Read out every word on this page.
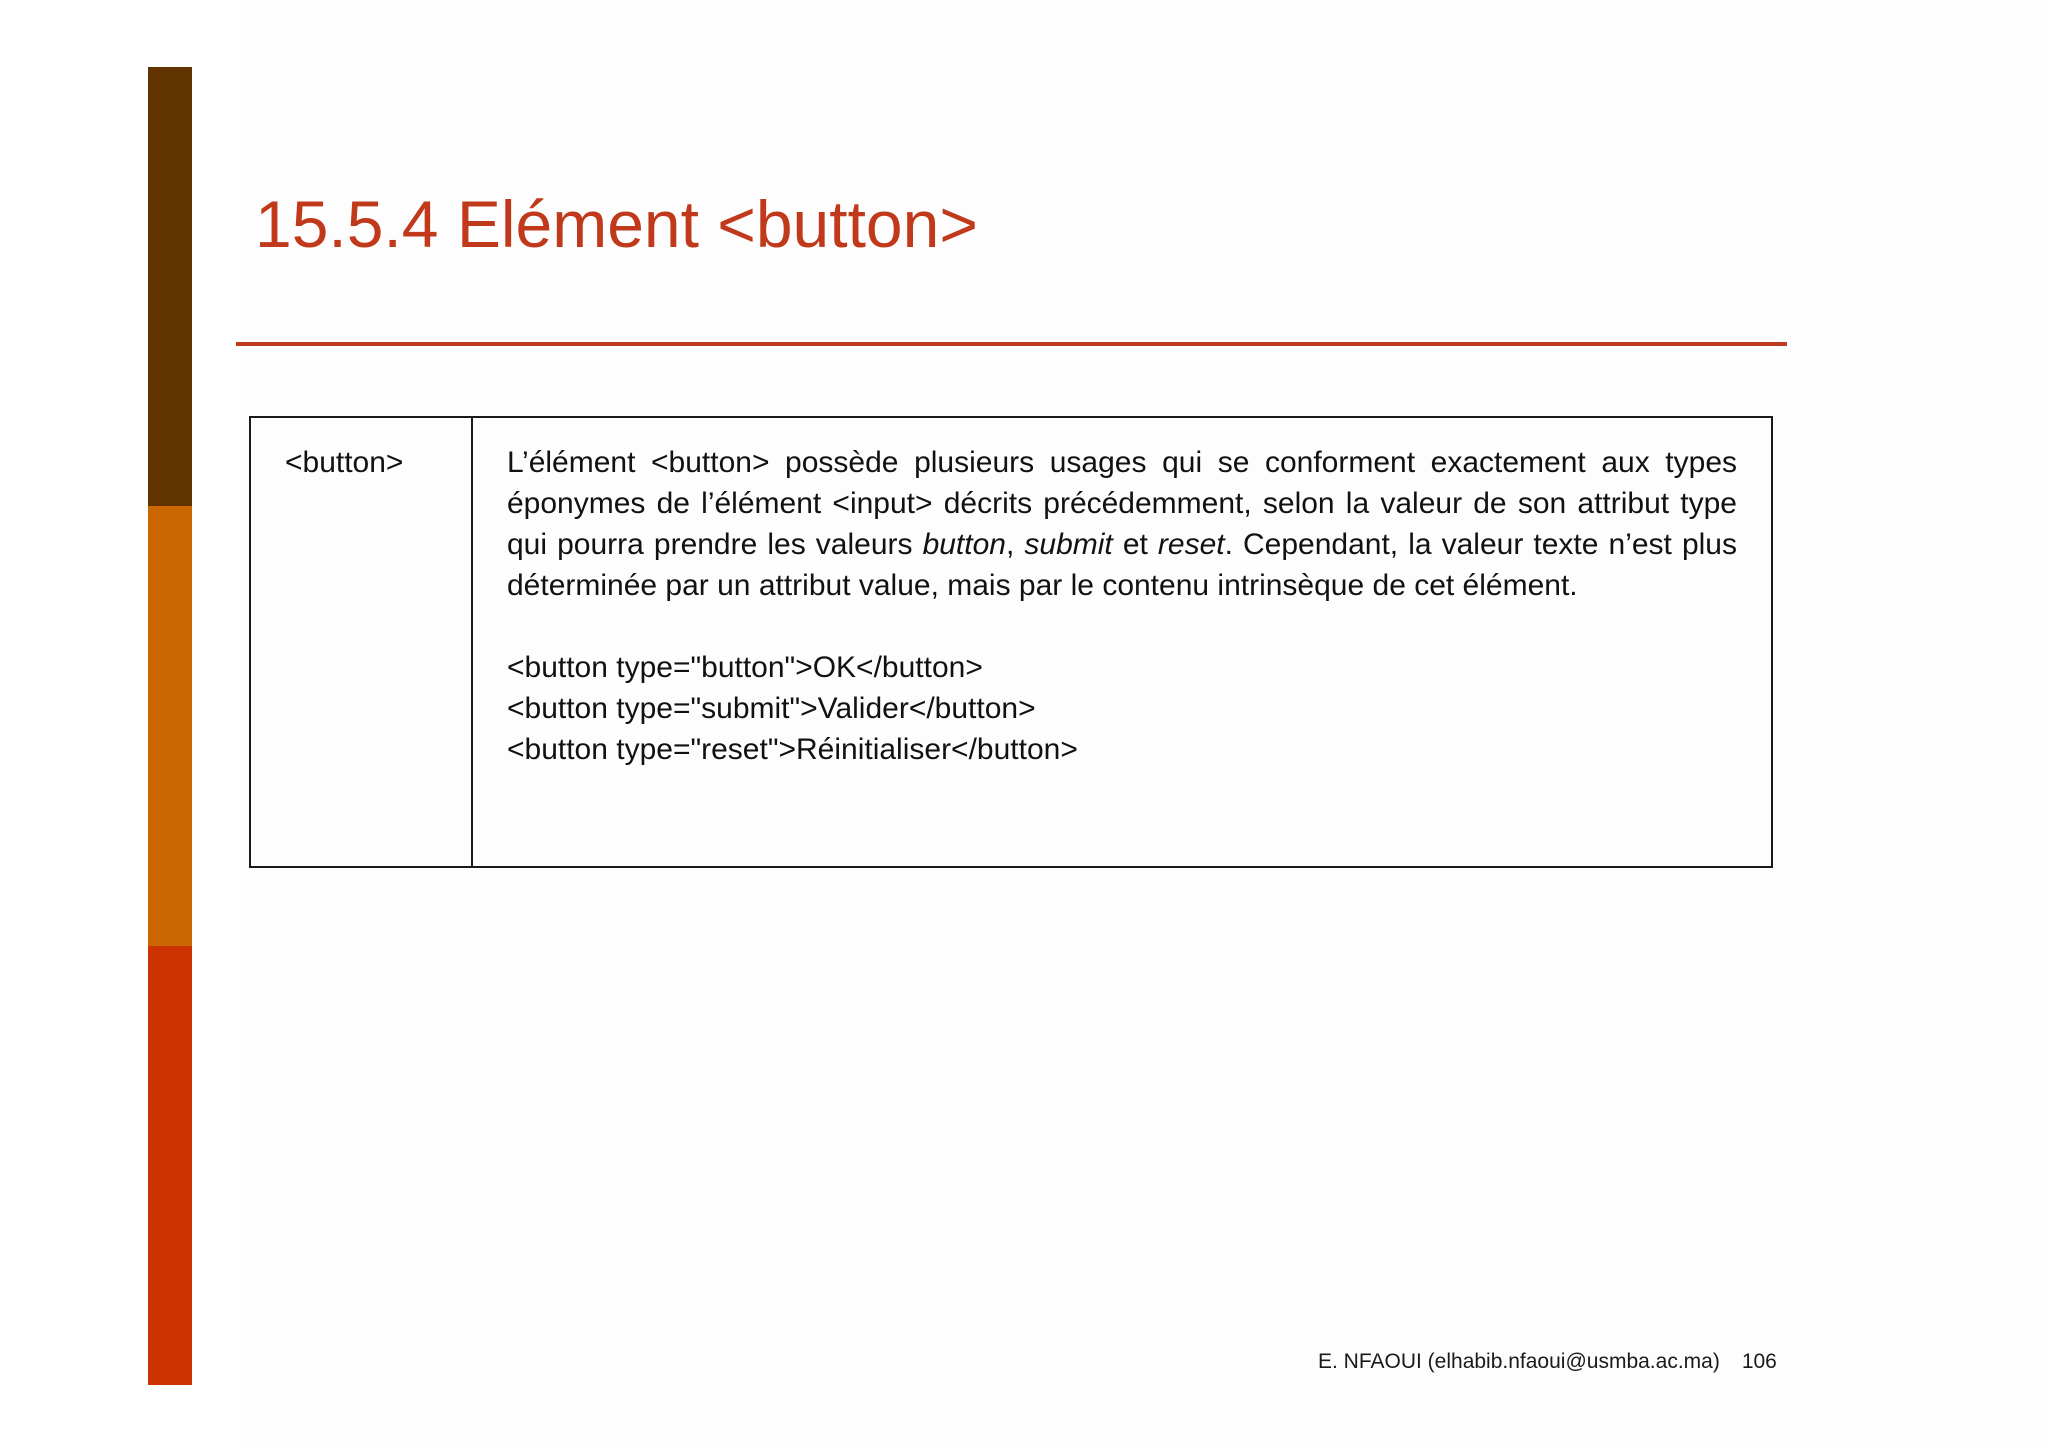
15.5.4 Elément <button>
<button>	L’élément <button> possède plusieurs usages qui se conforment exactement aux types éponymes de l’élément <input> décrits précédemment, selon la valeur de son attribut type qui pourra prendre les valeurs button, submit et reset. Cependant, la valeur texte n’est plus déterminée par un attribut value, mais par le contenu intrinsèque de cet élément.

<button type="button">OK</button>
<button type="submit">Valider</button>
<button type="reset">Réinitialiser</button>
E. NFAOUI (elhabib.nfaoui@usmba.ac.ma) 106
